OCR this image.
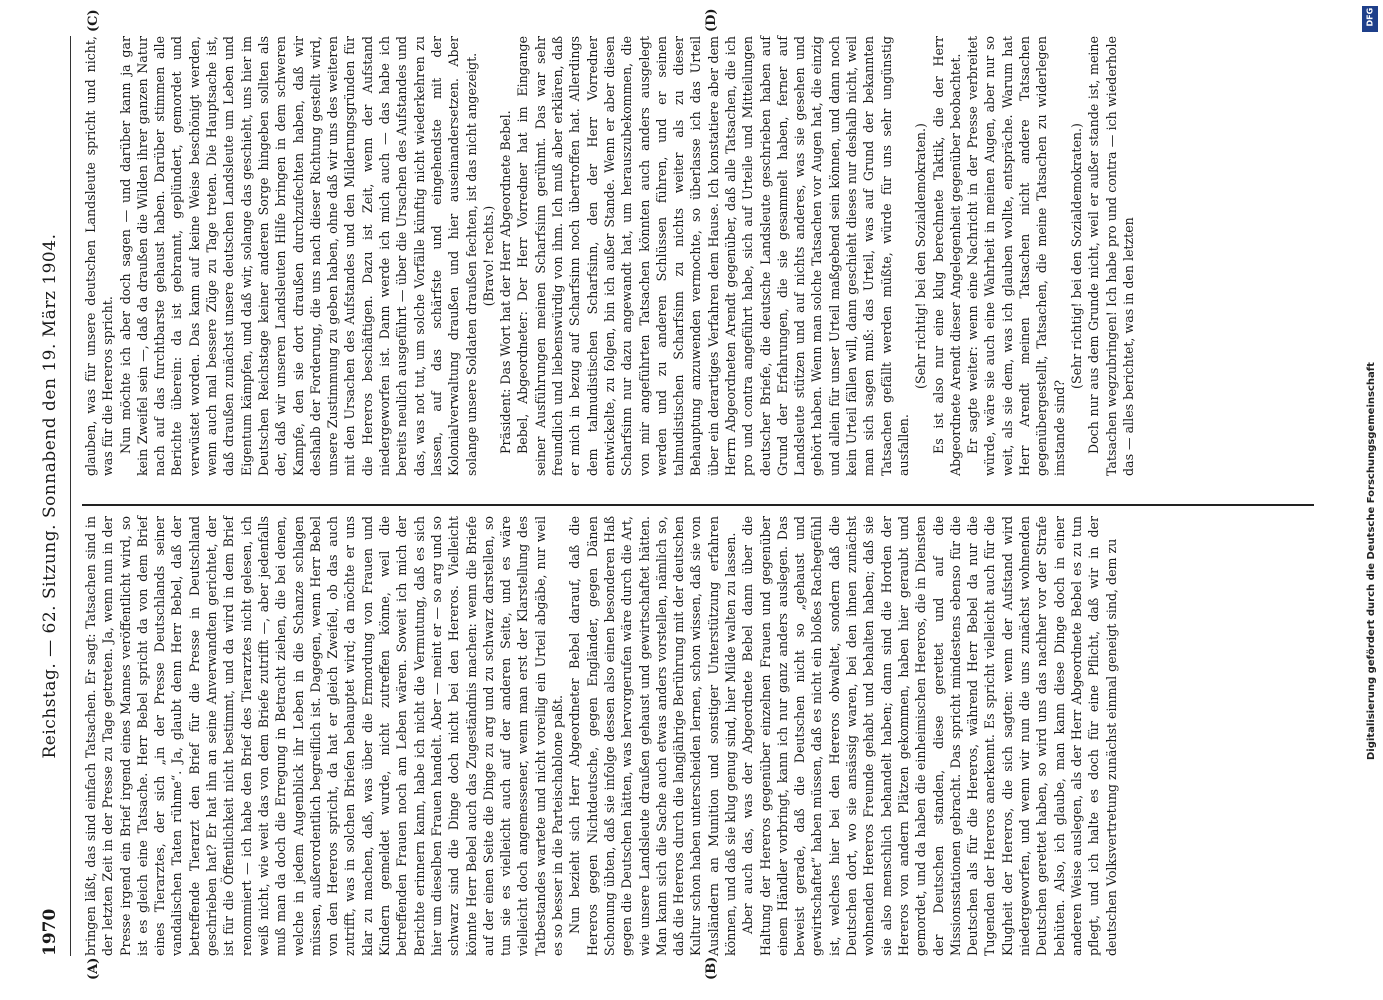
1970
Reichstag. — 62. Sitzung. Sonnabend den 19. März 1904.
(A)	(B)
(C)	(D)

bringen läßt, das sind einfach Tatsachen. Er sagt: Tatsachen sind in der letzten Zeit in der Presse zu Tage getreten. Ja, wenn nun in der Presse irgend ein Brief irgend eines Mannes veröffentlicht wird, so ist es gleich eine Tatsache. Herr Bebel spricht da von dem Brief eines Tierarztes, der sich „in der Presse Deutschlands seiner vandalischen Taten rühme“. Ja, glaubt denn Herr Bebel, daß der betreffende Tierarzt den Brief für die Presse in Deutschland geschrieben hat? Er hat ihn an seine Anverwandten gerichtet, der ist für die Öffentlichkeit nicht bestimmt, und da wird in dem Brief renommiert — ich habe den Brief des Tierarztes nicht gelesen, ich weiß nicht, wie weit das von dem Briefe zutrifft —, aber jedenfalls muß man da doch die Erregung in Betracht ziehen, die bei denen, welche in jedem Augenblick ihr Leben in die Schanze schlagen müssen, außerordentlich begreiflich ist. Dagegen, wenn Herr Bebel von den Hereros spricht, da hat er gleich Zweifel, ob das auch zutrifft, was in solchen Briefen behauptet wird; da möchte er uns klar zu machen, daß, was über die Ermordung von Frauen und Kindern gemeldet wurde, nicht zutreffen könne, weil die betreffenden Frauen noch am Leben wären. Soweit ich mich der Berichte erinnern kann, habe ich nicht die Vermutung, daß es sich hier um dieselben Frauen handelt. Aber — meint er — so arg und so schwarz sind die Dinge doch nicht bei den Hereros. Vielleicht könnte Herr Bebel auch das Zugeständnis machen: wenn die Briefe auf der einen Seite die Dinge zu arg und zu schwarz darstellen, so tun sie es vielleicht auch auf der anderen Seite, und es wäre vielleicht doch angemessener, wenn man erst der Klarstellung des Tatbestandes wartete und nicht voreilig ein Urteil abgäbe, nur weil es so besser in die Parteischablone paßt. Nun bezieht sich Herr Abgeordneter Bebel darauf, daß die Hereros gegen Nichtdeutsche, gegen Engländer, gegen Dänen Schonung übten, daß sie infolge dessen also einen besonderen Haß gegen die Deutschen hätten, was hervorgerufen wäre durch die Art, wie unsere Landsleute draußen gehaust und gewirtschaftet hätten. Man kann sich die Sache auch etwas anders vorstellen, nämlich so, daß die Hereros durch die langjährige Berührung mit der deutschen Kultur schon haben unterscheiden lernen, schon wissen, daß sie von Ausländern an Munition und sonstiger Unterstützung erfahren können, und daß sie klug genug sind, hier Milde walten zu lassen. Aber auch das, was der Abgeordnete Bebel dann über die Haltung der Hereros gegenüber einzelnen Frauen und gegenüber einem Händler vorbringt, kann ich nur ganz anders auslegen. Das beweist gerade, daß die Deutschen nicht so „gehaust und gewirtschaftet“ haben müssen, daß es nicht ein bloßes Rachegefühl ist, welches hier bei den Hereros obwaltet, sondern daß die Deutschen dort, wo sie ansässig waren, bei den ihnen zunächst wohnenden Hereros Freunde gehabt und behalten haben; daß sie sie also menschlich behandelt haben; dann sind die Horden der Hereros von andern Plätzen gekommen, haben hier geraubt und gemordet, und da haben die einheimischen Hereros, die in Diensten der Deutschen standen, diese gerettet und auf die Missionsstationen gebracht. Das spricht mindestens ebenso für die Deutschen als für die Hereros, während Herr Bebel da nur die Tugenden der Hereros anerkennt. Es spricht vielleicht auch für die Klugheit der Hereros, die sich sagten: wenn der Aufstand wird niedergeworfen, und wenn wir nun die uns zunächst wohnenden Deutschen gerettet haben, so wird uns das nachher vor der Strafe behüten. Also, ich glaube, man kann diese Dinge doch in einer anderen Weise auslegen, als der Herr Abgeordnete Bebel es zu tun pflegt, und ich halte es doch für eine Pflicht, daß wir in der deutschen Volksvertretung zunächst einmal geneigt sind, dem zu

glauben, was für unsere deutschen Landsleute spricht und nicht, was für die Hereros spricht. Nun möchte ich aber doch sagen — und darüber kann ja gar kein Zweifel sein —, daß da draußen die Wilden ihrer ganzen Natur nach auf das furchtbarste gehaust haben. Darüber stimmen alle Berichte überein: da ist gebrannt, geplündert, gemordet und verwüstet worden. Das kann auf keine Weise beschönigt werden, wenn auch mal bessere Züge zu Tage treten. Die Hauptsache ist, daß draußen zunächst unsere deutschen Landsleute um Leben und Eigentum kämpfen, und daß wir, solange das geschieht, uns hier im Deutschen Reichstage keiner anderen Sorge hingeben sollten als der, daß wir unseren Landsleuten Hilfe bringen in dem schweren Kampfe, den sie dort draußen durchzufechten haben, daß wir deshalb der Forderung, die uns nach dieser Richtung gestellt wird, unsere Zustimmung zu geben haben, ohne daß wir uns des weiteren mit den Ursachen des Aufstandes und den Milderungsgründen für die Hereros beschäftigen. Dazu ist Zeit, wenn der Aufstand niedergeworfen ist. Dann werde ich mich auch — das habe ich bereits neulich ausgeführt — über die Ursachen des Aufstandes und das, was not tut, um solche Vorfälle künftig nicht wiederkehren zu lassen, auf das schärfste und eingehendste mit der Kolonialverwaltung draußen und hier auseinandersetzen. Aber solange unsere Soldaten draußen fechten, ist das nicht angezeigt. (Bravo! rechts.) Präsident: Das Wort hat der Herr Abgeordnete Bebel. Bebel, Abgeordneter: Der Herr Vorredner hat im Eingange seiner Ausführungen meinen Scharfsinn gerühmt. Das war sehr freundlich und liebenswürdig von ihm. Ich muß aber erklären, daß er mich in bezug auf Scharfsinn noch übertroffen hat. Allerdings dem talmudistischen Scharfsinn, den der Herr Vorredner entwickelte, zu folgen, bin ich außer Stande. Wenn er aber diesen Scharfsinn nur dazu angewandt hat, um herauszubekommen, die von mir angeführten Tatsachen könnten auch anders ausgelegt werden und zu anderen Schlüssen führen, und er seinen talmudistischen Scharfsinn zu nichts weiter als zu dieser Behauptung anzuwenden vermochte, so überlasse ich das Urteil über ein derartiges Verfahren dem Hause. Ich konstatiere aber dem Herrn Abgeordneten Arendt gegenüber, daß alle Tatsachen, die ich pro und contra angeführt habe, sich auf Urteile und Mitteilungen deutscher Briefe, die deutsche Landsleute geschrieben haben auf Grund der Erfahrungen, die sie gesammelt haben, ferner auf Landsleute stützen und auf nichts anderes, was sie gesehen und gehört haben. Wenn man solche Tatsachen vor Augen hat, die einzig und allein für unser Urteil maßgebend sein können, und dann noch kein Urteil fällen will, dann geschieht dieses nur deshalb nicht, weil man sich sagen muß: das Urteil, was auf Grund der bekannten Tatsachen gefällt werden müßte, würde für uns sehr ungünstig ausfallen.

(Sehr richtig! bei den Sozialdemokraten.) Es ist also nur eine klug berechnete Taktik, die der Herr Abgeordnete Arendt dieser Angelegenheit gegenüber beobachtet. Er sagte weiter: wenn eine Nachricht in der Presse verbreitet würde, wäre sie auch eine Wahrheit in meinen Augen, aber nur so weit, als sie dem, was ich glauben wollte, entspräche. Warum hat Herr Arendt meinen Tatsachen nicht andere Tatsachen gegenübergestellt, Tatsachen, die meine Tatsachen zu widerlegen imstande sind?

(Sehr richtig! bei den Sozialdemokraten.) Doch nur aus dem Grunde nicht, weil er außer stande ist, meine Tatsachen wegzubringen! Ich habe pro und contra — ich wiederhole das — alles berichtet, was in den letzten

DFG
Digitalisierung gefördert durch die Deutsche Forschungsgemeinschaft
